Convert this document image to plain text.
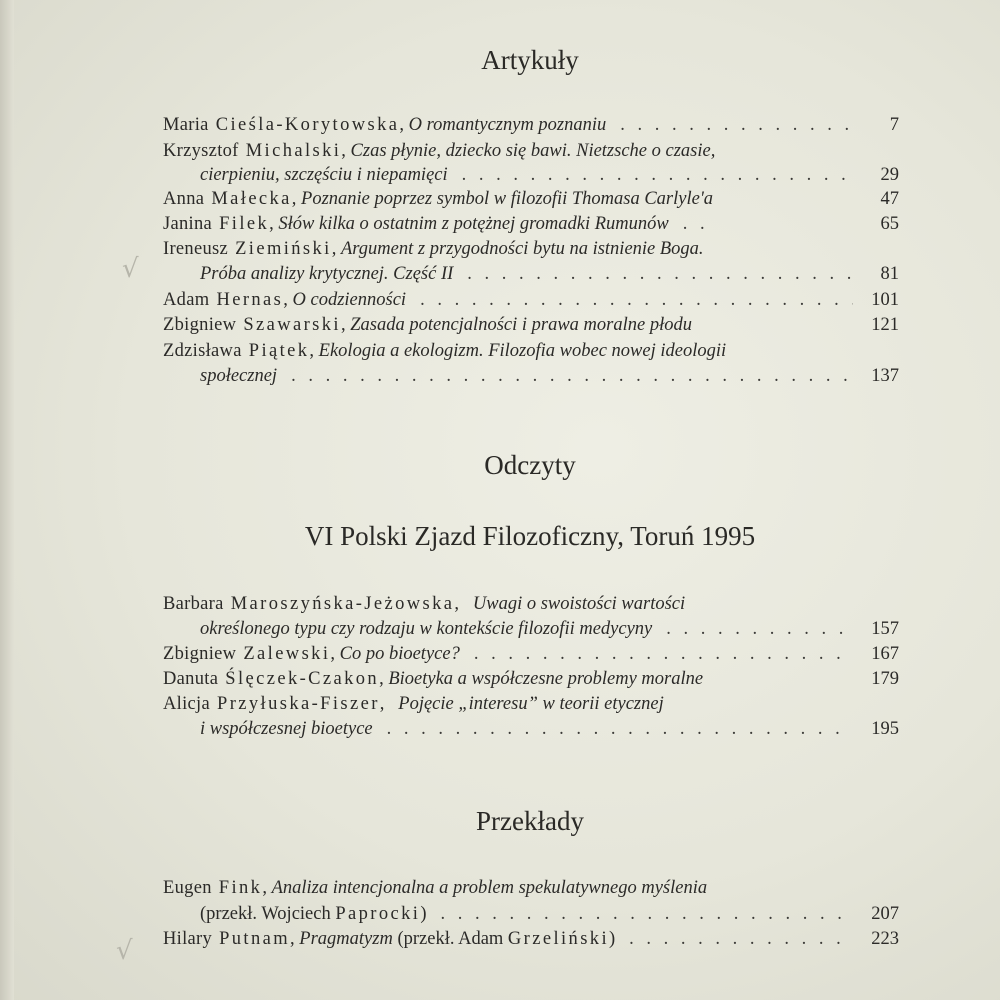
Artykuły
Maria Cieśla-Korytowska , O romantycznym poznaniu . . .	7
Krzysztof Michalski, Czas płynie, dziecko się bawi. Nietzsche o czasie,
cierpieniu, szczęściu i niepamięci . . .	29
Anna Małecka , Poznanie poprzez symbol w filozofii Thomasa Carlyle'a	47
Janina Filek , Słów kilka o ostatnim z potężnej gromadki Rumunów . . .	65
Ireneusz Ziemiński, Argument z przygodności bytu na istnienie Boga.
Próba analizy krytycznej. Część II . . .	81
Adam Hernas , O codzienności . . .	101
Zbigniew Szawarski , Zasada potencjalności i prawa moralne płodu	121
Zdzisława Piątek, Ekologia a ekologizm. Filozofia wobec nowej ideologii
społecznej . . .	137
Odczyty
VI Polski Zjazd Filozoficzny, Toruń 1995
Barbara Maroszyńska-Jeżowska,   Uwagi o swoistości wartości
określonego typu czy rodzaju w kontekście filozofii medycyny . . .	157
Zbigniew Zalewski , Co po bioetyce? . . .	167
Danuta Ślęczek-Czakon , Bioetyka a współczesne problemy moralne	179
Alicja Przyłuska-Fiszer,   Pojęcie „interesu” w teorii etycznej
i współczesnej bioetyce . . .	195
Przekłady
Eugen Fink, Analiza intencjonalna a problem spekulatywnego myślenia
(przekł. Wojciech Paprocki) . . .	207
Hilary Putnam , Pragmatyzm
(przekł. Adam Grzeliński) . . .	223
√
√
